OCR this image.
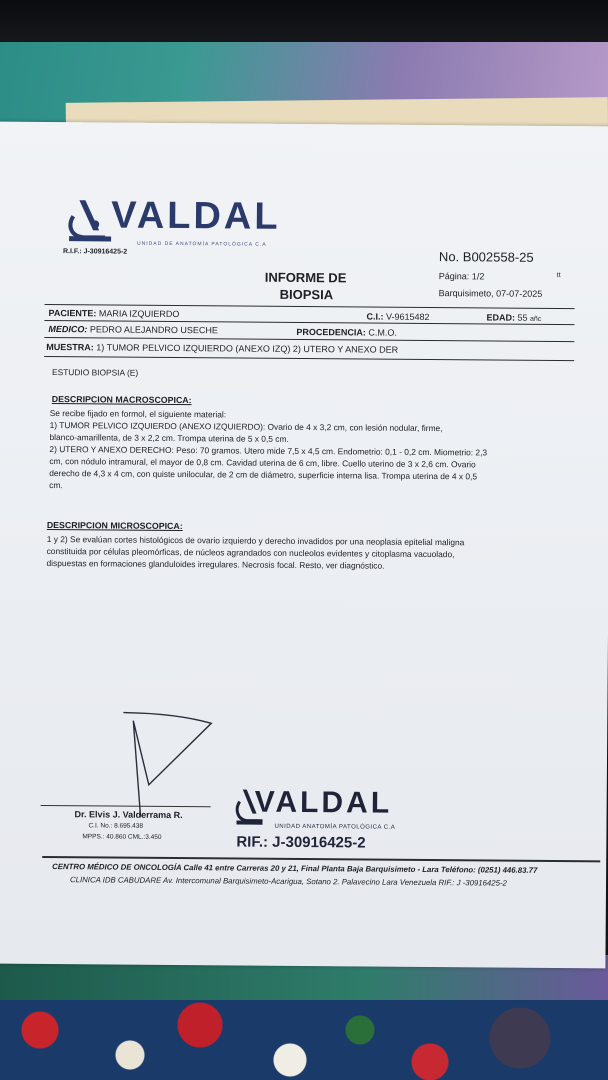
VALDAL
UNIDAD DE ANATOMÍA PATOLÓGICA C.A
R.I.F.: J-30916425-2	No. B002558-25
INFORME DE
BIOPSIA
Página: 1/2	tt
Barquisimeto, 07-07-2025
PACIENTE: MARIA IZQUIERDO	C.I.: V-9615482	EDAD: 55 añc
MEDICO: PEDRO ALEJANDRO USECHE	PROCEDENCIA: C.M.O.
MUESTRA: 1) TUMOR PELVICO IZQUIERDO (ANEXO IZQ) 2) UTERO Y ANEXO DER
ESTUDIO BIOPSIA (E)
DESCRIPCION MACROSCOPICA:
Se recibe fijado en formol, el siguiente material:
1) TUMOR PELVICO IZQUIERDO (ANEXO IZQUIERDO): Ovario de 4 x 3,2 cm, con lesión nodular, firme,
blanco-amarillenta, de 3 x 2,2 cm. Trompa uterina de 5 x 0,5 cm.
2) UTERO Y ANEXO DERECHO: Peso: 70 gramos. Utero mide 7,5 x 4,5 cm. Endometrio: 0,1 - 0,2 cm. Miometrio: 2,3
cm, con nódulo intramural, el mayor de 0,8 cm. Cavidad uterina de 6 cm, libre. Cuello uterino de 3 x 2,6 cm. Ovario
derecho de 4,3 x 4 cm, con quiste unilocular, de 2 cm de diámetro, superficie interna lisa. Trompa uterina de 4 x 0,5
cm.
DESCRIPCION MICROSCOPICA:
1 y 2) Se evalúan cortes histológicos de ovario izquierdo y derecho invadidos por una neoplasia epitelial maligna
constituida por células pleomórficas, de núcleos agrandados con nucleolos evidentes y citoplasma vacuolado,
dispuestas en formaciones glanduloides irregulares. Necrosis focal. Resto, ver diagnóstico.
Dr. Elvis J. Valderrama R.
C.I. No.: 8.695.438
MPPS.: 40.860 CML.:3.450
VALDAL
UNIDAD ANATOMÍA PATOLÓGICA C.A
RIF.: J-30916425-2
CENTRO MÉDICO DE ONCOLOGÍA Calle 41 entre Carreras 20 y 21, Final Planta Baja Barquisimeto - Lara Teléfono: (0251) 446.83.77
CLINICA IDB CABUDARE Av. Intercomunal Barquisimeto-Acarigua, Sotano 2. Palavecino Lara Venezuela RIF.: J -30916425-2
